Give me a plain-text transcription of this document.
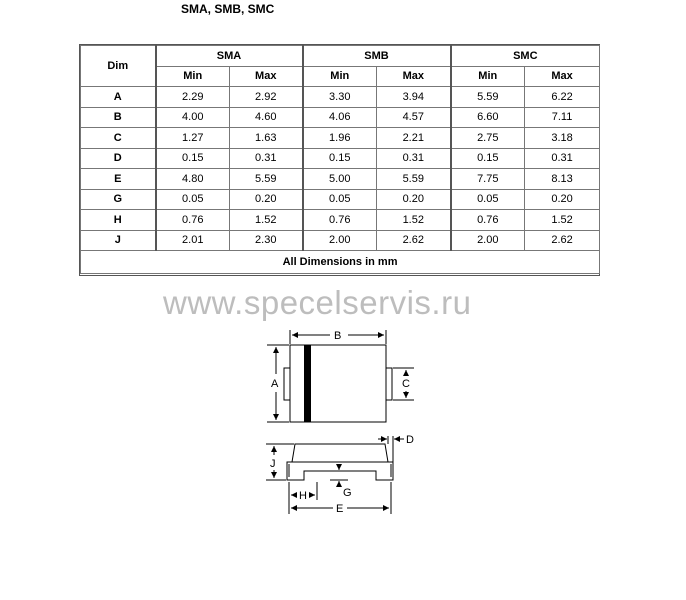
SMA, SMB, SMC
Dim	SMA		SMB		SMC	
	Min	Max	Min	Max	Min	Max
A	2.29	2.92	3.30	3.94	5.59	6.22
B	4.00	4.60	4.06	4.57	6.60	7.11
C	1.27	1.63	1.96	2.21	2.75	3.18
D	0.15	0.31	0.15	0.31	0.15	0.31
E	4.80	5.59	5.00	5.59	7.75	8.13
G	0.05	0.20	0.05	0.20	0.05	0.20
H	0.76	1.52	0.76	1.52	0.76	1.52
J	2.01	2.30	2.00	2.62	2.00	2.62
All Dimensions in mm						
www.specelservis.ru
B
A	C
D
J
G
H
E
